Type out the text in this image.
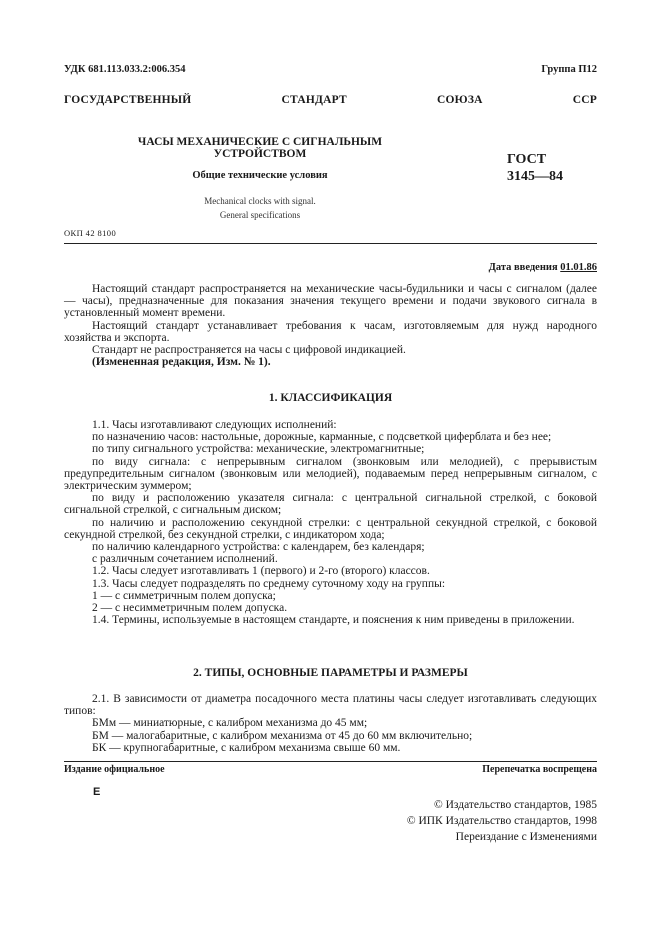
УДК 681.113.033.2:006.354	Группа П12
ГОСУДАРСТВЕННЫЙ СТАНДАРТ СОЮЗА ССР
ЧАСЫ МЕХАНИЧЕСКИЕ С СИГНАЛЬНЫМ
УСТРОЙСТВОМ
Общие технические условия
Mechanical clocks with signal.
General specifications
ГОСТ
3145—84
ОКП 42 8100
Дата введения 01.01.86

Настоящий стандарт распространяется на механические часы-будильники и часы с сигналом (далее — часы), предназначенные для показания значения текущего времени и подачи звукового сигнала в установленный момент времени.

Настоящий стандарт устанавливает требования к часам, изготовляемым для нужд народного хозяйства и экспорта.

Стандарт не распространяется на часы с цифровой индикацией.

(Измененная редакция, Изм. № 1).

1. КЛАССИФИКАЦИЯ

1.1. Часы изготавливают следующих исполнений:

по назначению часов: настольные, дорожные, карманные, с подсветкой циферблата и без нее;

по типу сигнального устройства: механические, электромагнитные;

по виду сигнала: с непрерывным сигналом (звонковым или мелодией), с прерывистым предупредительным сигналом (звонковым или мелодией), подаваемым перед непрерывным сигналом, с электрическим зуммером;

по виду и расположению указателя сигнала: с центральной сигнальной стрелкой, с боковой сигнальной стрелкой, с сигнальным диском;

по наличию и расположению секундной стрелки: с центральной секундной стрелкой, с боковой секундной стрелкой, без секундной стрелки, с индикатором хода;

по наличию календарного устройства: с календарем, без календаря;

с различным сочетанием исполнений.

1.2. Часы следует изготавливать 1 (первого) и 2-го (второго) классов.

1.3. Часы следует подразделять по среднему суточному ходу на группы:

1 — с симметричным полем допуска;

2 — с несимметричным полем допуска.

1.4. Термины, используемые в настоящем стандарте, и пояснения к ним приведены в приложении.

2. ТИПЫ, ОСНОВНЫЕ ПАРАМЕТРЫ И РАЗМЕРЫ

2.1. В зависимости от диаметра посадочного места платины часы следует изготавливать следующих типов:

БМм — миниатюрные, с калибром механизма до 45 мм;

БМ — малогабаритные, с калибром механизма от 45 до 60 мм включительно;

БК — крупногабаритные, с калибром механизма свыше 60 мм.

Издание официальное	Перепечатка воспрещена
Е
© Издательство стандартов, 1985
© ИПК Издательство стандартов, 1998
Переиздание с Изменениями
